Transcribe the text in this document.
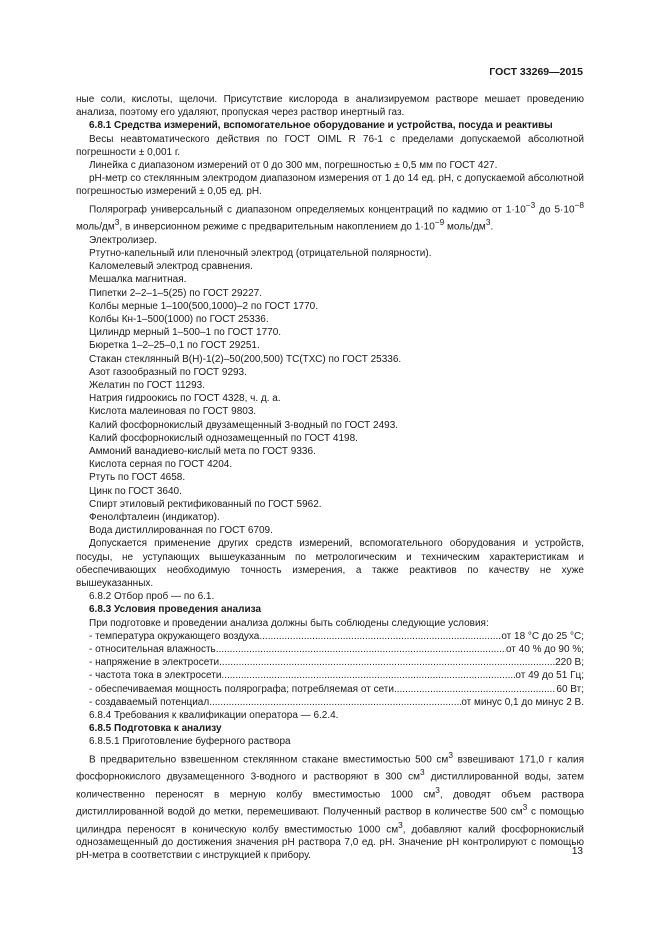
ГОСТ 33269—2015

ные соли, кислоты, щелочи. Присутствие кислорода в анализируемом растворе мешает проведению анализа, поэтому его удаляют, пропуская через раствор инертный газ.

6.8.1 Средства измерений, вспомогательное оборудование и устройства, посуда и реактивы

Весы неавтоматического действия по ГОСТ OIML R 76-1 с пределами допускаемой абсолютной погрешности ± 0,001 г.

Линейка с диапазоном измерений от 0 до 300 мм, погрешностью ± 0,5 мм по ГОСТ 427.

pH-метр со стеклянным электродом диапазоном измерения от 1 до 14 ед. pH, с допускаемой абсолютной погрешностью измерений ± 0,05 ед. pH.

Полярограф универсальный с диапазоном определяемых концентраций по кадмию от $1\cdot 10^{-3}$ до $5\cdot 10^{-8}$ моль/$дм^3$, в инверсионном режиме с предварительным накоплением до $1\cdot 10^{-9}$ моль/$дм^3$.

Электролизер.

Ртутно-капельный или пленочный электрод (отрицательной полярности).

Каломелевый электрод сравнения.

Мешалка магнитная.

Пипетки 2–2–1–5(25) по ГОСТ 29227.

Колбы мерные 1–100(500,1000)–2 по ГОСТ 1770.

Колбы Кн-1–500(1000) по ГОСТ 25336.

Цилиндр мерный 1–500–1 по ГОСТ 1770.

Бюретка 1–2–25–0,1 по ГОСТ 29251.

Стакан стеклянный В(Н)-1(2)–50(200,500) ТС(ТХС) по ГОСТ 25336.

Азот газообразный по ГОСТ 9293.

Желатин по ГОСТ 11293.

Натрия гидроокись по ГОСТ 4328, ч. д. а.

Кислота малеиновая по ГОСТ 9803.

Калий фосфорнокислый двузамещенный 3-водный по ГОСТ 2493.

Калий фосфорнокислый однозамещенный по ГОСТ 4198.

Аммоний ванадиево-кислый мета по ГОСТ 9336.

Кислота серная по ГОСТ 4204.

Ртуть по ГОСТ 4658.

Цинк по ГОСТ 3640.

Спирт этиловый ректификованный по ГОСТ 5962.

Фенолфталеин (индикатор).

Вода дистиллированная по ГОСТ 6709.

Допускается применение других средств измерений, вспомогательного оборудования и устройств, посуды, не уступающих вышеуказанным по метрологическим и техническим характеристикам и обеспечивающих необходимую точность измерения, а также реактивов по качеству не хуже вышеуказанных.

6.8.2 Отбор проб — по 6.1.

6.8.3 Условия проведения анализа

При подготовке и проведении анализа должны быть соблюдены следующие условия:

- температура окружающего воздуха .....	от 18 °С до 25 °С;
- относительная влажность .....	от 40 % до 90 %;
- напряжение в электросети .....	220 В;
- частота тока в электросети .....	от 49 до 51 Гц;
- обеспечиваемая мощность полярографа; потребляемая от сети .....	60 Вт;
- создаваемый потенциал .....	от минус 0,1 до минус 2 В.

6.8.4 Требования к квалификации оператора — 6.2.4.

6.8.5 Подготовка к анализу

6.8.5.1 Приготовление буферного раствора

В предварительно взвешенном стеклянном стакане вместимостью 500 $см^3$ взвешивают 171,0 г калия фосфорнокислого двузамещенного 3-водного и растворяют в 300 $см^3$ дистиллированной воды, затем количественно переносят в мерную колбу вместимостью 1000 $см^3$, доводят объем раствора дистиллированной водой до метки, перемешивают. Полученный раствор в количестве 500 $см^3$ с помощью цилиндра переносят в коническую колбу вместимостью 1000 $см^3$, добавляют калий фосфорнокислый однозамещенный до достижения значения рН раствора 7,0 ед. рН. Значение рН контролируют с помощью рН-метра в соответствии с инструкцией к прибору.	13
